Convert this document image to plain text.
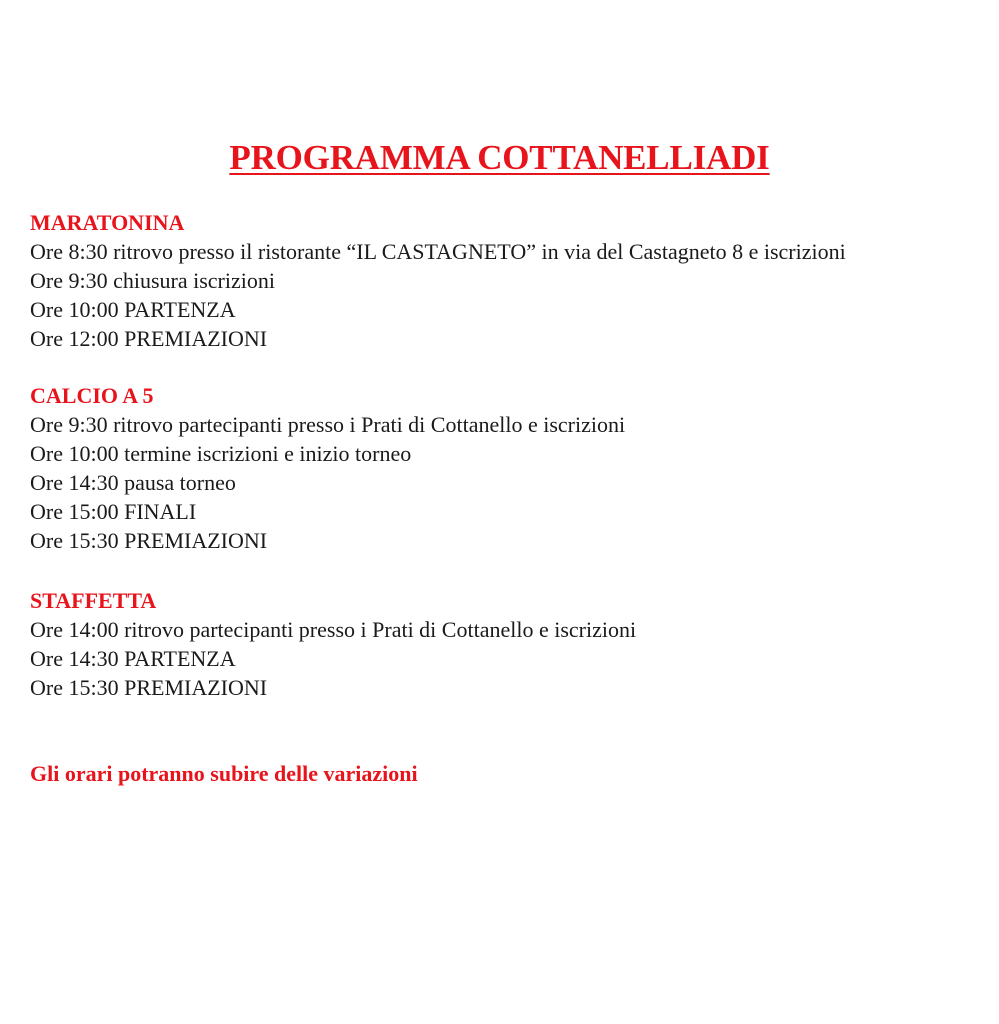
PROGRAMMA COTTANELLIADI
MARATONINA
Ore 8:30 ritrovo presso il ristorante “IL CASTAGNETO” in via del Castagneto 8 e iscrizioni
Ore 9:30 chiusura iscrizioni
Ore 10:00 PARTENZA
Ore 12:00 PREMIAZIONI
CALCIO A 5
Ore 9:30 ritrovo partecipanti presso i Prati di Cottanello e iscrizioni
Ore 10:00 termine iscrizioni e inizio torneo
Ore 14:30 pausa torneo
Ore 15:00 FINALI
Ore 15:30 PREMIAZIONI
STAFFETTA
Ore 14:00 ritrovo partecipanti presso i Prati di Cottanello e iscrizioni
Ore 14:30 PARTENZA
Ore 15:30 PREMIAZIONI
Gli orari potranno subire delle variazioni
